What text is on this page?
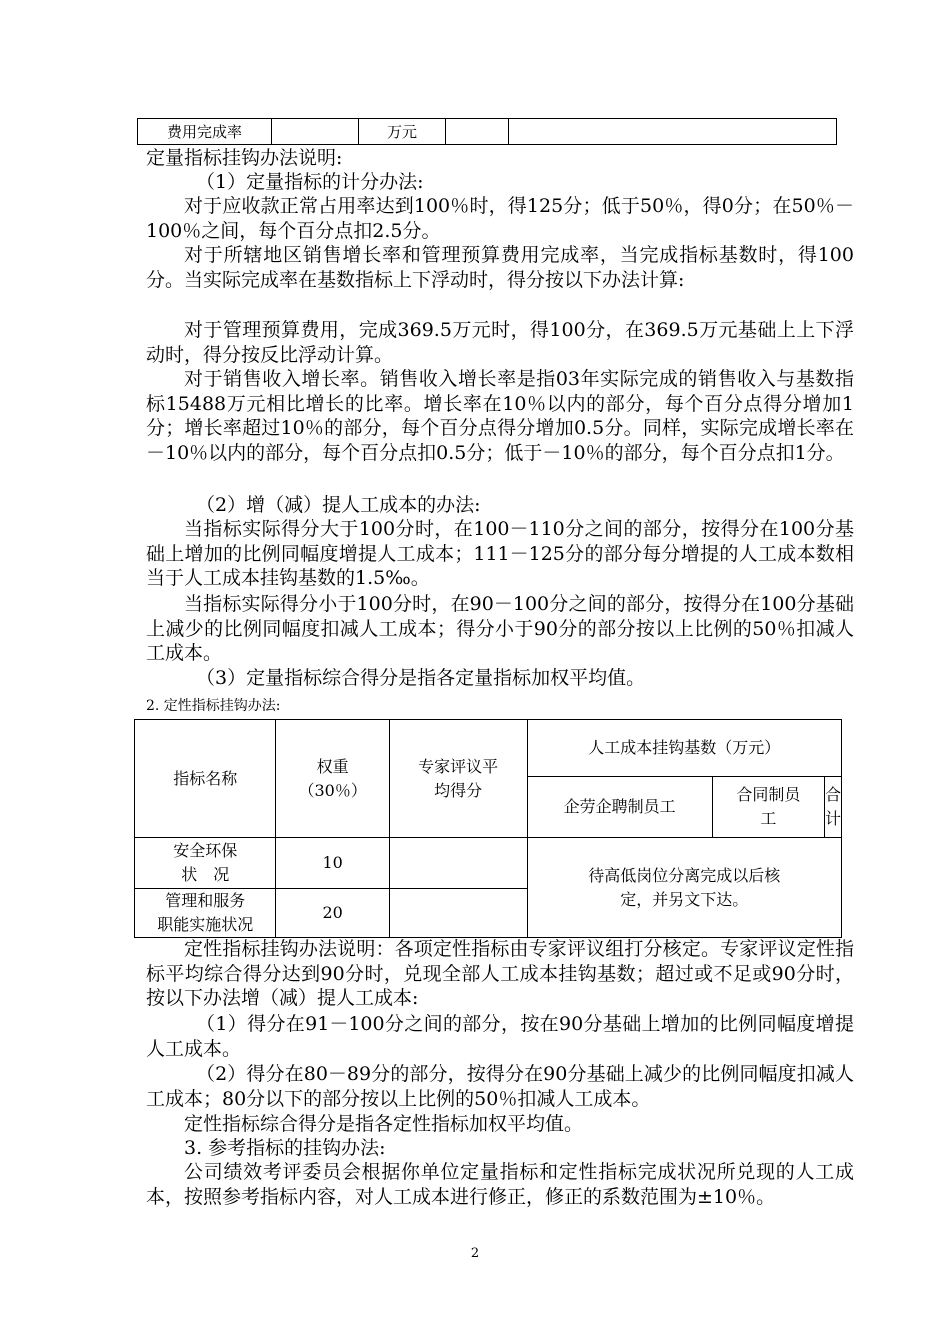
费用完成率		万元		
定量指标挂钩办法说明:
（1）定量指标的计分办法:
对于应收款正常占用率达到100％时，得125分；低于50％，得0分；在50％－100％之间，每个百分点扣2.5分。
对于所辖地区销售增长率和管理预算费用完成率，当完成指标基数时，得100分。当实际完成率在基数指标上下浮动时，得分按以下办法计算:
对于管理预算费用，完成369.5万元时，得100分，在369.5万元基础上上下浮动时，得分按反比浮动计算。
对于销售收入增长率。销售收入增长率是指03年实际完成的销售收入与基数指标15488万元相比增长的比率。增长率在10％以内的部分，每个百分点得分增加1分；增长率超过10％的部分，每个百分点得分增加0.5分。同样，实际完成增长率在－10％以内的部分，每个百分点扣0.5分；低于－10％的部分，每个百分点扣1分。
（2）增（减）提人工成本的办法:
当指标实际得分大于100分时，在100－110分之间的部分，按得分在100分基础上增加的比例同幅度增提人工成本；111－125分的部分每分增提的人工成本数相当于人工成本挂钩基数的1.5‰。
当指标实际得分小于100分时，在90－100分之间的部分，按得分在100分基础上减少的比例同幅度扣减人工成本；得分小于90分的部分按以上比例的50％扣减人工成本。
（3）定量指标综合得分是指各定量指标加权平均值。
2. 定性指标挂钩办法:
指标名称	权重（30％）	专家评议平均得分	人工成本挂钩基数（万元）		
			企劳企聘制员工	合同制员工	合计
安全环保
状　况	10		待高低岗位分离完成以后核定，并另文下达。		
管理和服务
职能实施状况	20				
定性指标挂钩办法说明：各项定性指标由专家评议组打分核定。专家评议定性指标平均综合得分达到90分时，兑现全部人工成本挂钩基数；超过或不足或90分时，按以下办法增（减）提人工成本:
（1）得分在91－100分之间的部分，按在90分基础上增加的比例同幅度增提人工成本。
（2）得分在80－89分的部分，按得分在90分基础上减少的比例同幅度扣减人工成本；80分以下的部分按以上比例的50％扣减人工成本。
定性指标综合得分是指各定性指标加权平均值。
3. 参考指标的挂钩办法:
公司绩效考评委员会根据你单位定量指标和定性指标完成状况所兑现的人工成本，按照参考指标内容，对人工成本进行修正，修正的系数范围为±10％。
2
